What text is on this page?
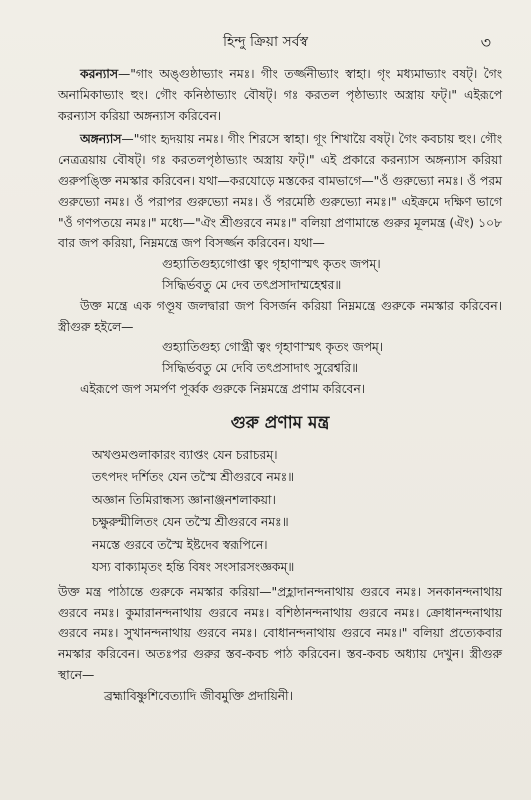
হিন্দু ক্রিয়া সর্বস্ব	৩

করন্যাস—"গাং অঙ্গুষ্ঠাভ্যাং নমঃ। গীং তর্জ্জনীভ্যাং স্বাহা। গৃং মধ্যমাভ্যাং বষট্। গৈং অনামিকাভ্যাং হুং। গৌং কনিষ্ঠাভ্যাং বৌষট্। গঃ করতল পৃষ্ঠাভ্যাং অস্ত্রায় ফট্।" এইরূপে করন্যাস করিয়া অঙ্গন্যাস করিবেন।

অঙ্গন্যাস—"গাং হৃদয়ায় নমঃ। গীং শিরসে স্বাহা। গূং শিখায়ৈ বষট্। গৈং কবচায় হুং। গৌং নেত্রত্রয়ায় বৌষট্। গঃ করতলপৃষ্ঠাভ্যাং অস্ত্রায় ফট্।" এই প্রকারে করন্যাস অঙ্গন্যাস করিয়া গুরুপঙ্ক্তি নমস্কার করিবেন। যথা—করযোড়ে মস্তকের বামভাগে—"ওঁ গুরুভ্যো নমঃ। ওঁ পরম গুরুভ্যো নমঃ। ওঁ পরাপর গুরুভ্যো নমঃ। ওঁ পরমেষ্ঠি গুরুভ্যো নমঃ।" এইক্রমে দক্ষিণ ভাগে "ওঁ গণপতয়ে নমঃ।" মধ্যে—"ঐং শ্রীগুরবে নমঃ।" বলিয়া প্রণামান্তে গুরুর মূলমন্ত্র (ঐং) ১০৮ বার জপ করিয়া, নিম্নমন্ত্রে জপ বিসর্জ্জন করিবেন। যথা—

গুহ্যাতিগুহ্যগোপ্তা ত্বং গৃহাণাস্মৎ কৃতং জপম্।

সিদ্ধির্ভবতু মে দেব তৎপ্রসাদাম্মহেশ্বর॥

উক্ত মন্ত্রে এক গণ্ডূষ জলদ্বারা জপ বিসর্জন করিয়া নিম্নমন্ত্রে গুরুকে নমস্কার করিবেন। স্ত্রীগুরু হইলে—

গুহ্যাতিগুহ্য গোপ্ত্রী ত্বং গৃহাণাস্মৎ কৃতং জপম্।

সিদ্ধির্ভবতু মে দেবি তৎপ্রসাদাৎ সুরেশ্বরি॥

এইরূপে জপ সমর্পণ পূর্ব্বক গুরুকে নিম্নমন্ত্রে প্রণাম করিবেন।

গুরু প্রণাম মন্ত্র

অখণ্ডমণ্ডলাকারং ব্যাপ্তং যেন চরাচরম্।

তৎপদং দর্শিতং যেন তস্মৈ শ্রীগুরবে নমঃ॥

অজ্ঞান তিমিরান্ধস্য জ্ঞানাঞ্জনশলাকয়া।

চক্ষুরুন্মীলিতং যেন তস্মৈ শ্রীগুরবে নমঃ॥

নমস্তে গুরবে তস্মৈ ইষ্টদেব স্বরূপিনে।

যস্য বাক্যামৃতং হন্তি বিষং সংসারসংজ্ঞকম্॥

উক্ত মন্ত্র পাঠান্তে গুরুকে নমস্কার করিয়া—"প্রহ্লাদানন্দনাথায় গুরবে নমঃ। সনকানন্দনাথায় গুরবে নমঃ। কুমারানন্দনাথায় গুরবে নমঃ। বশিষ্ঠানন্দনাথায় গুরবে নমঃ। ক্রোধানন্দনাথায় গুরবে নমঃ। সুখানন্দনাথায় গুরবে নমঃ। বোধানন্দনাথায় গুরবে নমঃ।" বলিয়া প্রত্যেকবার নমস্কার করিবেন। অতঃপর গুরুর স্তব-কবচ পাঠ করিবেন। স্তব-কবচ অধ্যায় দেখুন। স্ত্রীগুরু স্থানে—

ব্রহ্মাবিষ্ণুশিবেত্যাদি জীবমুক্তি প্রদায়িনী।
